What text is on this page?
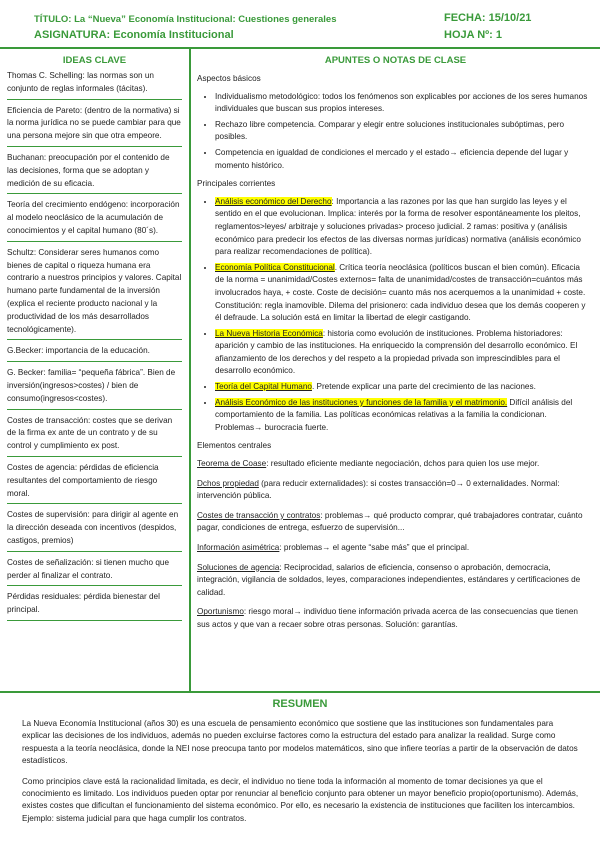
TÍTULO: La “Nueva” Economía Institucional: Cuestiones generales
ASIGNATURA: Economía Institucional
FECHA: 15/10/21
HOJA Nº: 1
IDEAS CLAVE	APUNTES O NOTAS DE CLASE

Thomas C. Schelling: las normas son un conjunto de reglas informales (tácitas).

Eficiencia de Pareto: (dentro de la normativa) si la norma jurídica no se puede cambiar para que una persona mejore sin que otra empeore.

Buchanan: preocupación por el contenido de las decisiones, forma que se adoptan y medición de su eficacia.

Teoría del crecimiento endógeno: incorporación al modelo neoclásico de la acumulación de conocimientos y el capital humano (80´s).

Schultz: Considerar seres humanos como bienes de capital o riqueza humana era contrario a nuestros principios y valores. Capital humano parte fundamental de la inversión (explica el reciente producto nacional y la productividad de los más desarrollados tecnológicamente).

G.Becker: importancia de la educación.

G. Becker: familia= “pequeña fábrica”. Bien de inversión(ingresos>costes) / bien de consumo(ingresos<costes).

Costes de transacción: costes que se derivan de la firma ex ante de un contrato y de su control y cumplimiento ex post.

Costes de agencia: pérdidas de eficiencia resultantes del comportamiento de riesgo moral.

Costes de supervisión: para dirigir al agente en la dirección deseada con incentivos (despidos, castigos, premios)

Costes de señalización: si tienen mucho que perder al finalizar el contrato.

Pérdidas residuales: pérdida bienestar del principal.

Aspectos básicos
• Individualismo metodológico: todos los fenómenos son explicables por acciones de los seres humanos individuales que buscan sus propios intereses.
• Rechazo libre competencia. Comparar y elegir entre soluciones institucionales subóptimas, pero posibles.
• Competencia en igualdad de condiciones el mercado y el estado→ eficiencia depende del lugar y momento histórico.
Principales corrientes
• Análisis económico del Derecho: Importancia a las razones por las que han surgido las leyes y el sentido en el que evolucionan. Implica: interés por la forma de resolver espontáneamente los pleitos, reglamentos>leyes/ arbitraje y soluciones privadas> proceso judicial. 2 ramas: positiva y (análisis económico para predecir los efectos de las diversas normas jurídicas) normativa (análisis económico para realizar recomendaciones de política).
• Economía Política Constitucional. Crítica teoría neoclásica (políticos buscan el bien común). Eficacia de la norma = unanimidad/Costes externos= falta de unanimidad/costes de transacción=cuántos más involucrados haya, + coste. Coste de decisión= cuanto más nos acerquemos a la unanimidad + coste. Constitución: regla inamovible. Dilema del prisionero: cada individuo desea que los demás cooperen y él defraude. La solución está en limitar la libertad de elegir castigando.
• La Nueva Historia Económica: historia como evolución de instituciones. Problema historiadores: aparición y cambio de las instituciones. Ha enriquecido la comprensión del desarrollo económico. El afianzamiento de los derechos y del respeto a la propiedad privada son imprescindibles para el desarrollo económico.
• Teoría del Capital Humano. Pretende explicar una parte del crecimiento de las naciones.
• Análisis Económico de las instituciones y funciones de la familia y el matrimonio. Difícil análisis del comportamiento de la familia. Las políticas económicas relativas a la familia la condicionan. Problemas→ burocracia fuerte.
Elementos centrales

Teorema de Coase: resultado eficiente mediante negociación, dchos para quien los use mejor.

Dchos propiedad (para reducir externalidades): si costes transacción=0→ 0 externalidades. Normal: intervención pública.

Costes de transacción y contratos: problemas→ qué producto comprar, qué trabajadores contratar, cuánto pagar, condiciones de entrega, esfuerzo de supervisión...

Información asimétrica: problemas→ el agente “sabe más” que el principal.

Soluciones de agencia: Reciprocidad, salarios de eficiencia, consenso o aprobación, democracia, integración, vigilancia de soldados, leyes, comparaciones independientes, estándares y certificaciones de calidad.

Oportunismo: riesgo moral→ individuo tiene información privada acerca de las consecuencias que tienen sus actos y que van a recaer sobre otras personas. Solución: garantías.

RESUMEN

La Nueva Economía Institucional (años 30) es una escuela de pensamiento económico que sostiene que las instituciones son fundamentales para explicar las decisiones de los individuos, además no pueden excluirse factores como la estructura del estado para analizar la realidad. Surge como respuesta a la teoría neoclásica, donde la NEI nose preocupa tanto por modelos matemáticos, sino que infiere teorías a partir de la observación de datos estadísticos.

Como principios clave está la racionalidad limitada, es decir, el individuo no tiene toda la información al momento de tomar decisiones ya que el conocimiento es limitado. Los individuos pueden optar por renunciar al beneficio conjunto para obtener un mayor beneficio propio(oportunismo). Además, existes costes que dificultan el funcionamiento del sistema económico. Por ello, es necesario la existencia de instituciones que faciliten los intercambios. Ejemplo: sistema judicial para que haga cumplir los contratos.
